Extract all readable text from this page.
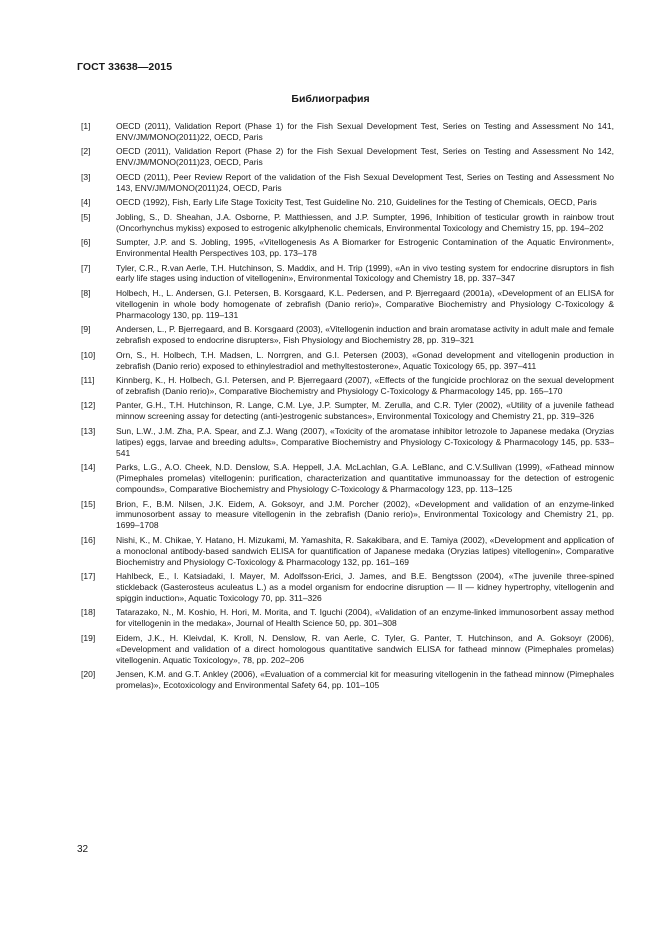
ГОСТ 33638—2015
Библиография
[1]	OECD (2011), Validation Report (Phase 1) for the Fish Sexual Development Test, Series on Testing and Assessment No 141, ENV/JM/MONO(2011)22, OECD, Paris
[2]	OECD (2011), Validation Report (Phase 2) for the Fish Sexual Development Test, Series on Testing and Assessment No 142, ENV/JM/MONO(2011)23, OECD, Paris
[3]	OECD (2011), Peer Review Report of the validation of the Fish Sexual Development Test, Series on Testing and Assessment No 143, ENV/JM/MONO(2011)24, OECD, Paris
[4]	OECD (1992), Fish, Early Life Stage Toxicity Test, Test Guideline No. 210, Guidelines for the Testing of Chemicals, OECD, Paris
[5]	Jobling, S., D. Sheahan, J.A. Osborne, P. Matthiessen, and J.P. Sumpter, 1996, Inhibition of testicular growth in rainbow trout (Oncorhynchus mykiss) exposed to estrogenic alkylphenolic chemicals, Environmental Toxicology and Chemistry 15, pp. 194–202
[6]	Sumpter, J.P. and S. Jobling, 1995, «Vitellogenesis As A Biomarker for Estrogenic Contamination of the Aquatic Environment», Environmental Health Perspectives 103, pp. 173–178
[7]	Tyler, C.R., R.van Aerle, T.H. Hutchinson, S. Maddix, and H. Trip (1999), «An in vivo testing system for endocrine disruptors in fish early life stages using induction of vitellogenin», Environmental Toxicology and Chemistry 18, pp. 337–347
[8]	Holbech, H., L. Andersen, G.I. Petersen, B. Korsgaard, K.L. Pedersen, and P. Bjerregaard (2001a), «Development of an ELISA for vitellogenin in whole body homogenate of zebrafish (Danio rerio)», Comparative Biochemistry and Physiology C-Toxicology & Pharmacology 130, pp. 119–131
[9]	Andersen, L., P. Bjerregaard, and B. Korsgaard (2003), «Vitellogenin induction and brain aromatase activity in adult male and female zebrafish exposed to endocrine disrupters», Fish Physiology and Biochemistry 28, pp. 319–321
[10] Orn, S., H. Holbech, T.H. Madsen, L. Norrgren, and G.I. Petersen (2003), «Gonad development and vitellogenin production in zebrafish (Danio rerio) exposed to ethinylestradiol and methyltestosterone», Aquatic Toxicology 65, pp. 397–411
[11]	Kinnberg, K., H. Holbech, G.I. Petersen, and P. Bjerregaard (2007), «Effects of the fungicide prochloraz on the sexual development of zebrafish (Danio rerio)», Comparative Biochemistry and Physiology C-Toxicology & Pharmacology 145, pp. 165–170
[12] Panter, G.H., T.H. Hutchinson, R. Lange, C.M. Lye, J.P. Sumpter, M. Zerulla, and C.R. Tyler (2002), «Utility of a juvenile fathead minnow screening assay for detecting (anti-)estrogenic substances», Environmental Toxicology and Chemistry 21, pp. 319–326
[13] Sun, L.W., J.M. Zha, P.A. Spear, and Z.J. Wang (2007), «Toxicity of the aromatase inhibitor letrozole to Japanese medaka (Oryzias latipes) eggs, larvae and breeding adults», Comparative Biochemistry and Physiology C-Toxicology & Pharmacology 145, pp. 533–541
[14] Parks, L.G., A.O. Cheek, N.D. Denslow, S.A. Heppell, J.A. McLachlan, G.A. LeBlanc, and C.V.Sullivan (1999), «Fathead minnow (Pimephales promelas) vitellogenin: purification, characterization and quantitative immunoassay for the detection of estrogenic compounds», Comparative Biochemistry and Physiology C-Toxicology & Pharmacology 123, pp. 113–125
[15] Brion, F., B.M. Nilsen, J.K. Eidem, A. Goksoyr, and J.M. Porcher (2002), «Development and validation of an enzyme-linked immunosorbent assay to measure vitellogenin in the zebrafish (Danio rerio)», Environmental Toxicology and Chemistry 21, pp. 1699–1708
[16] Nishi, K., M. Chikae, Y. Hatano, H. Mizukami, M. Yamashita, R. Sakakibara, and E. Tamiya (2002), «Development and application of a monoclonal antibody-based sandwich ELISA for quantification of Japanese medaka (Oryzias latipes) vitellogenin», Comparative Biochemistry and Physiology C-Toxicology & Pharmacology 132, pp. 161–169
[17] Hahlbeck, E., I. Katsiadaki, I. Mayer, M. Adolfsson-Erici, J. James, and B.E. Bengtsson (2004), «The juvenile three-spined stickleback (Gasterosteus aculeatus L.) as a model organism for endocrine disruption — II — kidney hypertrophy, vitellogenin and spiggin induction», Aquatic Toxicology 70, pp. 311–326
[18] Tatarazako, N., M. Koshio, H. Hori, M. Morita, and T. Iguchi (2004), «Validation of an enzyme-linked immunosorbent assay method for vitellogenin in the medaka», Journal of Health Science 50, pp. 301–308
[19] Eidem, J.K., H. Kleivdal, K. Kroll, N. Denslow, R. van Aerle, C. Tyler, G. Panter, T. Hutchinson, and A. Goksoyr (2006), «Development and validation of a direct homologous quantitative sandwich ELISA for fathead minnow (Pimephales promelas) vitellogenin. Aquatic Toxicology», 78, pp. 202–206
[20] Jensen, K.M. and G.T. Ankley (2006), «Evaluation of a commercial kit for measuring vitellogenin in the fathead minnow (Pimephales promelas)», Ecotoxicology and Environmental Safety 64, pp. 101–105
32
